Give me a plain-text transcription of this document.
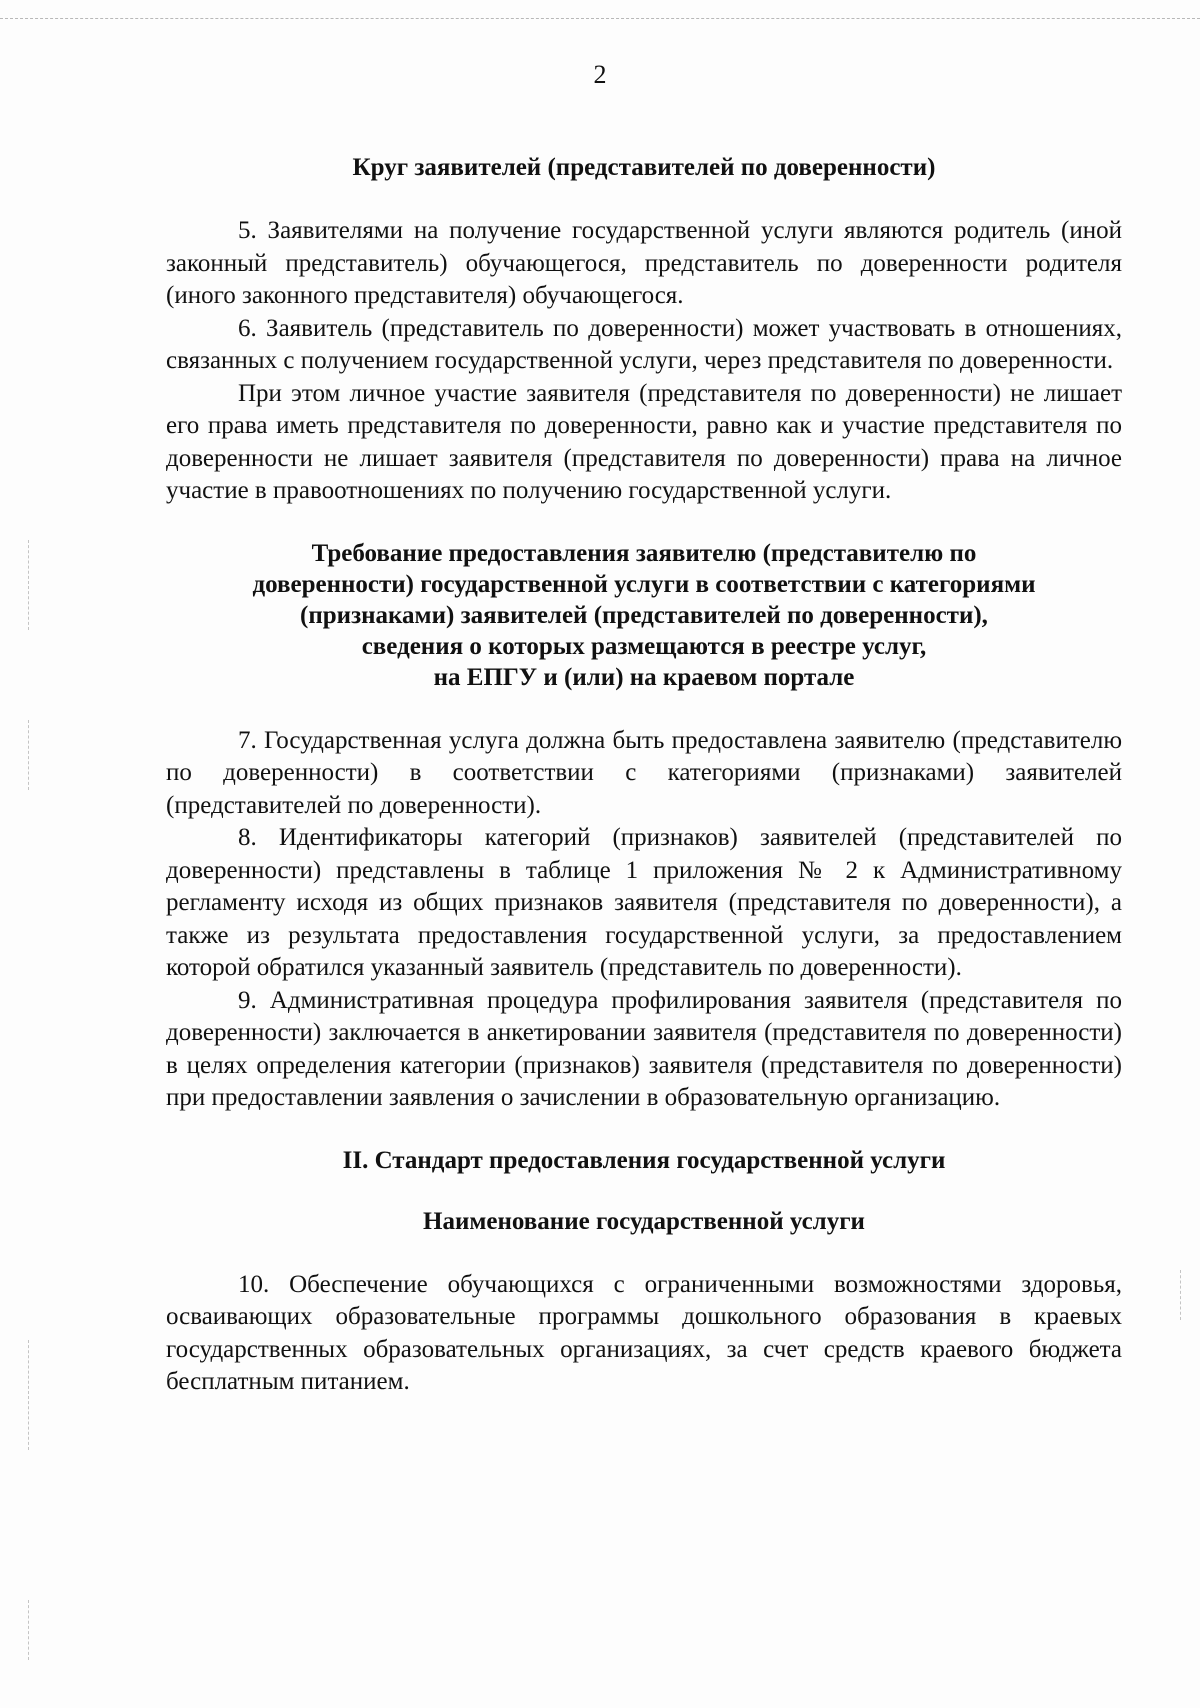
2
Круг заявителей (представителей по доверенности)

5. Заявителями на получение государственной услуги являются родитель (иной законный представитель) обучающегося, представитель по доверенности родителя (иного законного представителя) обучающегося.

6. Заявитель (представитель по доверенности) может участвовать в отношениях, связанных с получением государственной услуги, через представителя по доверенности.

При этом личное участие заявителя (представителя по доверенности) не лишает его права иметь представителя по доверенности, равно как и участие представителя по доверенности не лишает заявителя (представителя по доверенности) права на личное участие в правоотношениях по получению государственной услуги.

Требование предоставления заявителю (представителю по
доверенности) государственной услуги в соответствии с категориями
(признаками) заявителей (представителей по доверенности),
сведения о которых размещаются в реестре услуг,
на ЕПГУ и (или) на краевом портале

7. Государственная услуга должна быть предоставлена заявителю (представителю по доверенности) в соответствии с категориями (признаками) заявителей (представителей по доверенности).

8. Идентификаторы категорий (признаков) заявителей (представителей по доверенности) представлены в таблице 1 приложения № 2 к Административному регламенту исходя из общих признаков заявителя (представителя по доверенности), а также из результата предоставления государственной услуги, за предоставлением которой обратился указанный заявитель (представитель по доверенности).

9. Административная процедура профилирования заявителя (представителя по доверенности) заключается в анкетировании заявителя (представителя по доверенности) в целях определения категории (признаков) заявителя (представителя по доверенности) при предоставлении заявления о зачислении в образовательную организацию.

II. Стандарт предоставления государственной услуги
Наименование государственной услуги

10. Обеспечение обучающихся с ограниченными возможностями здоровья, осваивающих образовательные программы дошкольного образования в краевых государственных образовательных организациях, за счет средств краевого бюджета бесплатным питанием.
